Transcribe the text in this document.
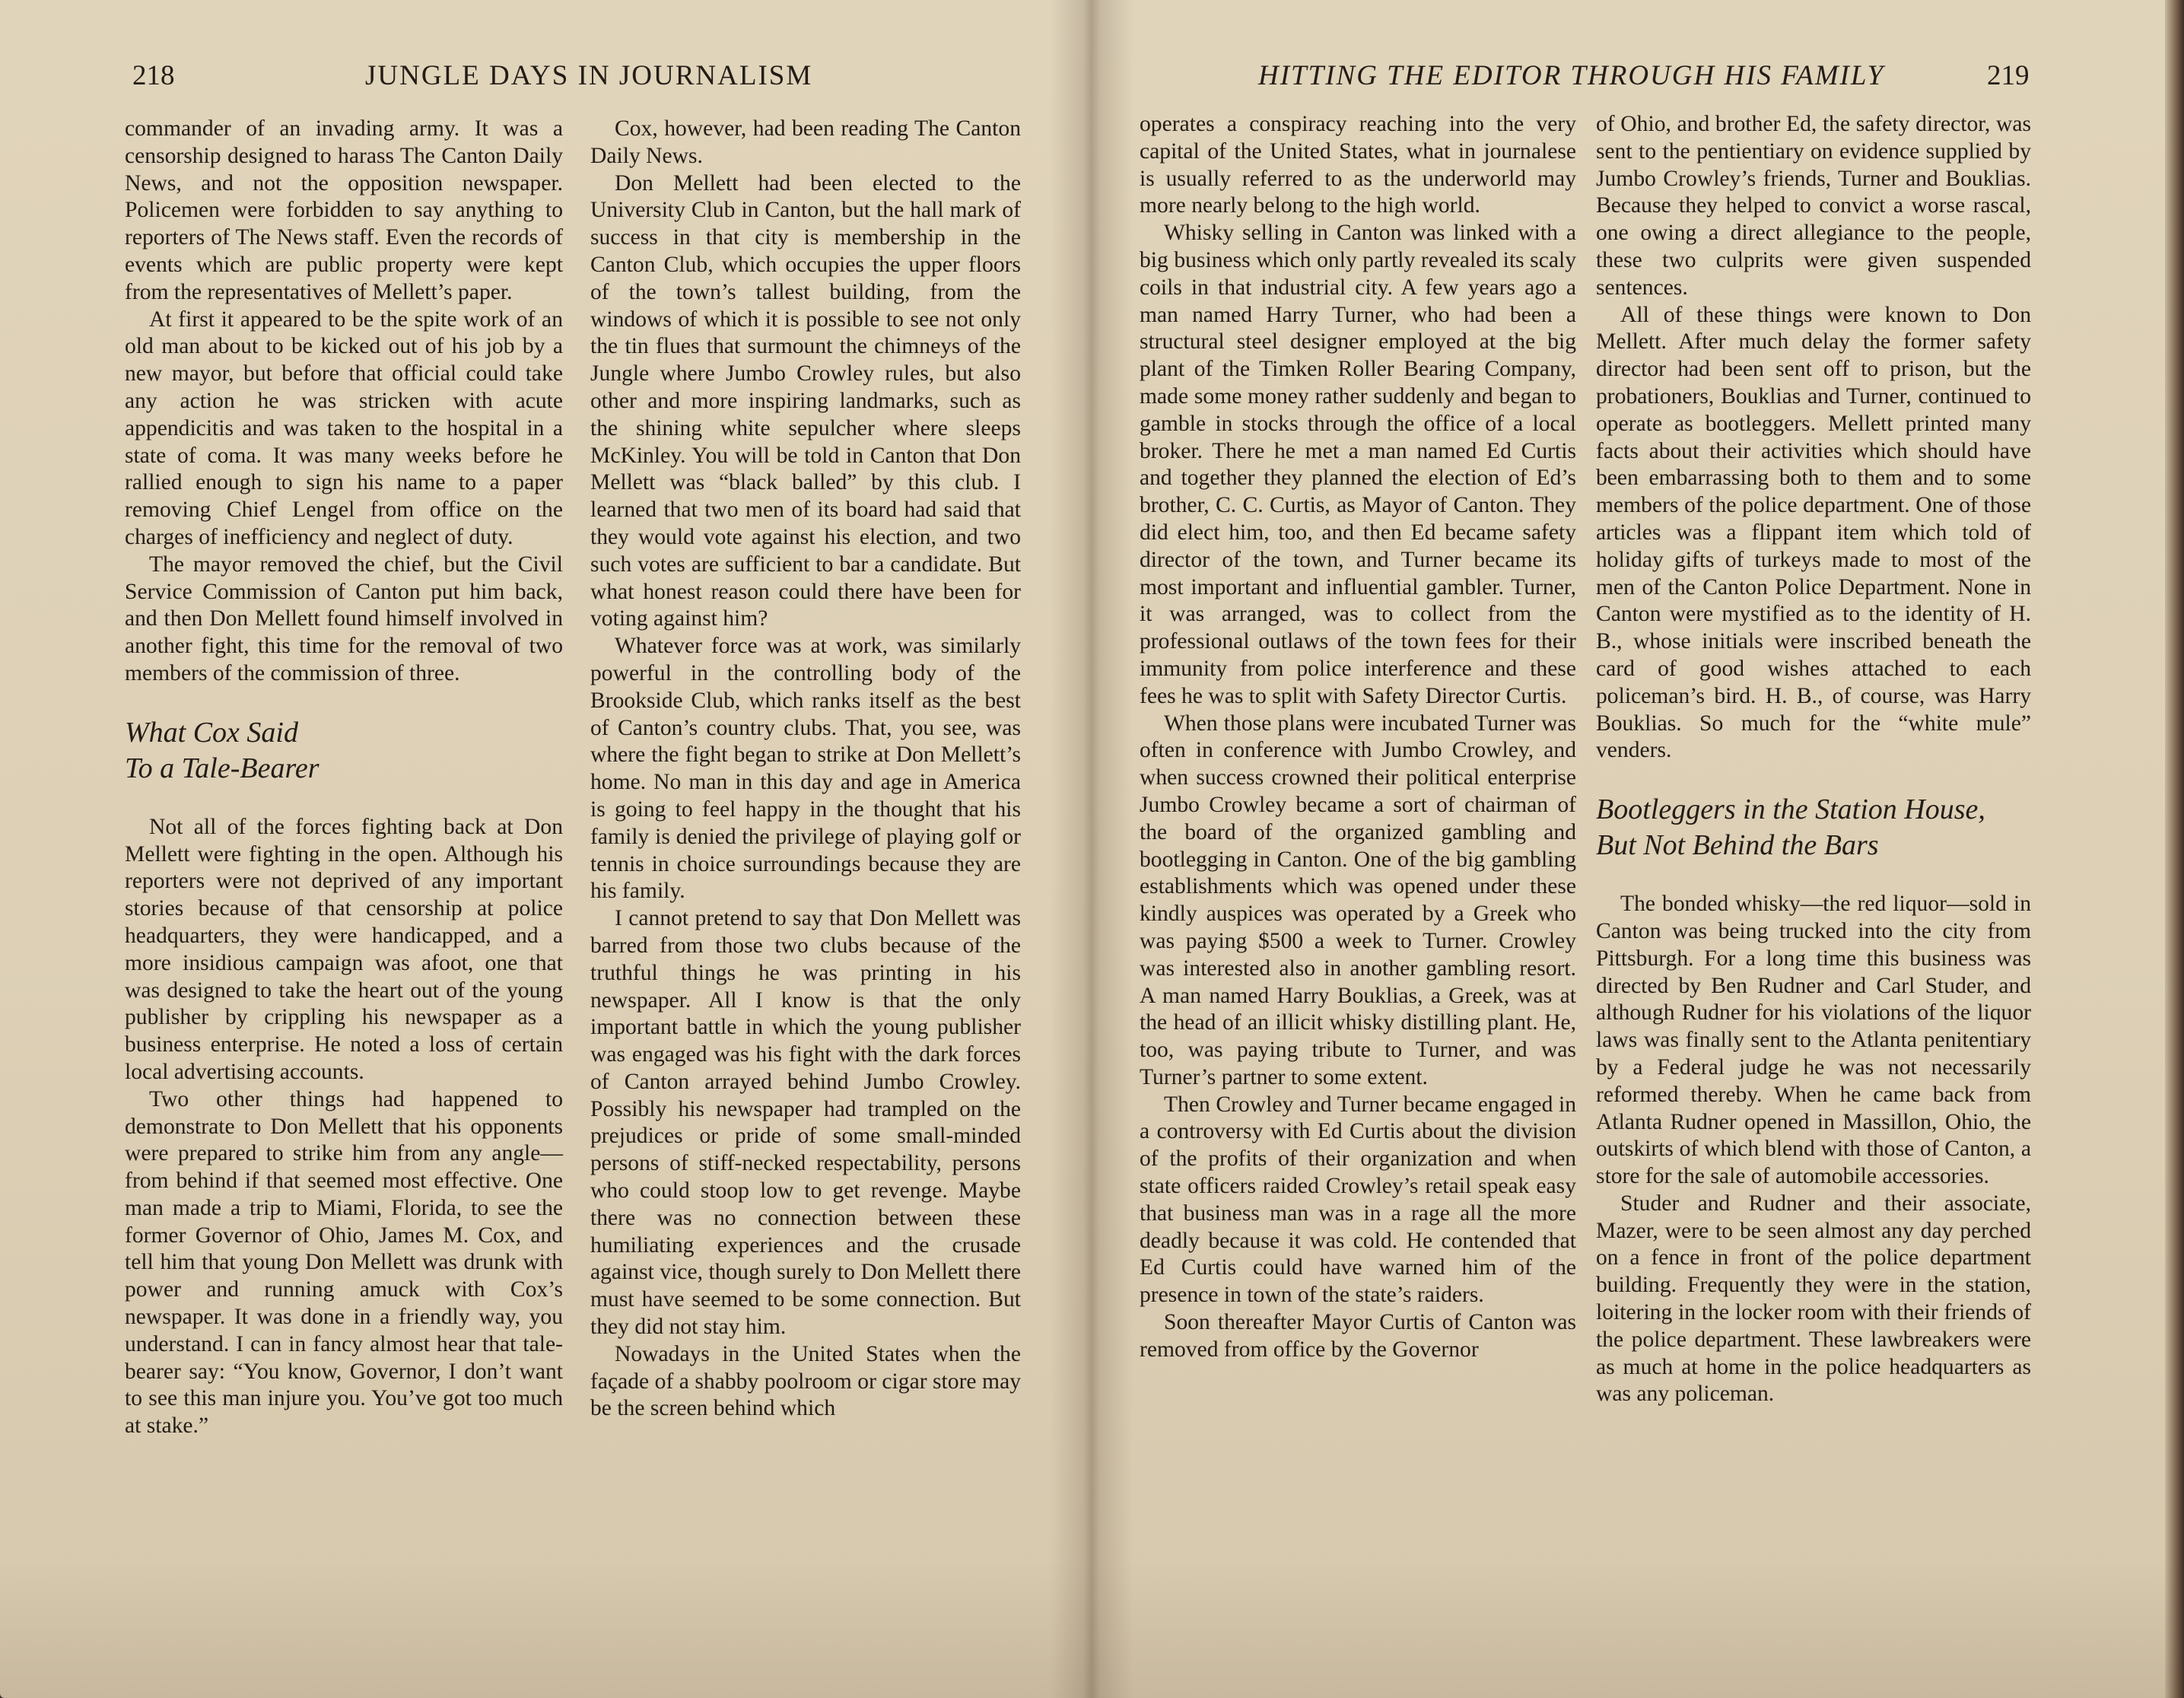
218	JUNGLE DAYS IN JOURNALISM

commander of an invading army. It was a censorship designed to harass The Canton Daily News, and not the opposition newspaper. Policemen were forbidden to say anything to reporters of The News staff. Even the records of events which are public property were kept from the representatives of Mellett’s paper.

At first it appeared to be the spite work of an old man about to be kicked out of his job by a new mayor, but before that official could take any action he was stricken with acute appendicitis and was taken to the hospital in a state of coma. It was many weeks before he rallied enough to sign his name to a paper removing Chief Lengel from office on the charges of inefficiency and neglect of duty.

The mayor removed the chief, but the Civil Service Commission of Canton put him back, and then Don Mellett found himself involved in another fight, this time for the removal of two members of the commission of three.

What Cox Said
To a Tale-Bearer

Not all of the forces fighting back at Don Mellett were fighting in the open. Although his reporters were not deprived of any important stories because of that censorship at police headquarters, they were handicapped, and a more insidious campaign was afoot, one that was designed to take the heart out of the young publisher by crippling his newspaper as a business enterprise. He noted a loss of certain local advertising accounts.

Two other things had happened to demonstrate to Don Mellett that his opponents were prepared to strike him from any angle—from behind if that seemed most effective. One man made a trip to Miami, Florida, to see the former Governor of Ohio, James M. Cox, and tell him that young Don Mellett was drunk with power and running amuck with Cox’s newspaper. It was done in a friendly way, you understand. I can in fancy almost hear that tale-bearer say: “You know, Governor, I don’t want to see this man injure you. You’ve got too much at stake.”

Cox, however, had been reading The Canton Daily News.

Don Mellett had been elected to the University Club in Canton, but the hall mark of success in that city is membership in the Canton Club, which occupies the upper floors of the town’s tallest building, from the windows of which it is possible to see not only the tin flues that surmount the chimneys of the Jungle where Jumbo Crowley rules, but also other and more inspiring landmarks, such as the shining white sepulcher where sleeps McKinley. You will be told in Canton that Don Mellett was “black balled” by this club. I learned that two men of its board had said that they would vote against his election, and two such votes are sufficient to bar a candidate. But what honest reason could there have been for voting against him?

Whatever force was at work, was similarly powerful in the controlling body of the Brookside Club, which ranks itself as the best of Canton’s country clubs. That, you see, was where the fight began to strike at Don Mellett’s home. No man in this day and age in America is going to feel happy in the thought that his family is denied the privilege of playing golf or tennis in choice surroundings because they are his family.

I cannot pretend to say that Don Mellett was barred from those two clubs because of the truthful things he was printing in his newspaper. All I know is that the only important battle in which the young publisher was engaged was his fight with the dark forces of Canton arrayed behind Jumbo Crowley. Possibly his newspaper had trampled on the prejudices or pride of some small-minded persons of stiff-necked respectability, persons who could stoop low to get revenge. Maybe there was no connection between these humiliating experiences and the crusade against vice, though surely to Don Mellett there must have seemed to be some connection. But they did not stay him.

Nowadays in the United States when the façade of a shabby poolroom or cigar store may be the screen behind which

HITTING THE EDITOR THROUGH HIS FAMILY	219

operates a conspiracy reaching into the very capital of the United States, what in journalese is usually referred to as the underworld may more nearly belong to the high world.

Whisky selling in Canton was linked with a big business which only partly revealed its scaly coils in that industrial city. A few years ago a man named Harry Turner, who had been a structural steel designer employed at the big plant of the Timken Roller Bearing Company, made some money rather suddenly and began to gamble in stocks through the office of a local broker. There he met a man named Ed Curtis and together they planned the election of Ed’s brother, C. C. Curtis, as Mayor of Canton. They did elect him, too, and then Ed became safety director of the town, and Turner became its most important and influential gambler. Turner, it was arranged, was to collect from the professional outlaws of the town fees for their immunity from police interference and these fees he was to split with Safety Director Curtis.

When those plans were incubated Turner was often in conference with Jumbo Crowley, and when success crowned their political enterprise Jumbo Crowley became a sort of chairman of the board of the organized gambling and bootlegging in Canton. One of the big gambling establishments which was opened under these kindly auspices was operated by a Greek who was paying $500 a week to Turner. Crowley was interested also in another gambling resort. A man named Harry Bouklias, a Greek, was at the head of an illicit whisky distilling plant. He, too, was paying tribute to Turner, and was Turner’s partner to some extent.

Then Crowley and Turner became engaged in a controversy with Ed Curtis about the division of the profits of their organization and when state officers raided Crowley’s retail speak easy that business man was in a rage all the more deadly because it was cold. He contended that Ed Curtis could have warned him of the presence in town of the state’s raiders.

Soon thereafter Mayor Curtis of Canton was removed from office by the Governor

of Ohio, and brother Ed, the safety director, was sent to the pentientiary on evidence supplied by Jumbo Crowley’s friends, Turner and Bouklias. Because they helped to convict a worse rascal, one owing a direct allegiance to the people, these two culprits were given suspended sentences.

All of these things were known to Don Mellett. After much delay the former safety director had been sent off to prison, but the probationers, Bouklias and Turner, continued to operate as bootleggers. Mellett printed many facts about their activities which should have been embarrassing both to them and to some members of the police department. One of those articles was a flippant item which told of holiday gifts of turkeys made to most of the men of the Canton Police Department. None in Canton were mystified as to the identity of H. B., whose initials were inscribed beneath the card of good wishes attached to each policeman’s bird. H. B., of course, was Harry Bouklias. So much for the “white mule” venders.

Bootleggers in the Station House,
But Not Behind the Bars

The bonded whisky—the red liquor—sold in Canton was being trucked into the city from Pittsburgh. For a long time this business was directed by Ben Rudner and Carl Studer, and although Rudner for his violations of the liquor laws was finally sent to the Atlanta penitentiary by a Federal judge he was not necessarily reformed thereby. When he came back from Atlanta Rudner opened in Massillon, Ohio, the outskirts of which blend with those of Canton, a store for the sale of automobile accessories.

Studer and Rudner and their associate, Mazer, were to be seen almost any day perched on a fence in front of the police department building. Frequently they were in the station, loitering in the locker room with their friends of the police department. These lawbreakers were as much at home in the police headquarters as was any policeman.
